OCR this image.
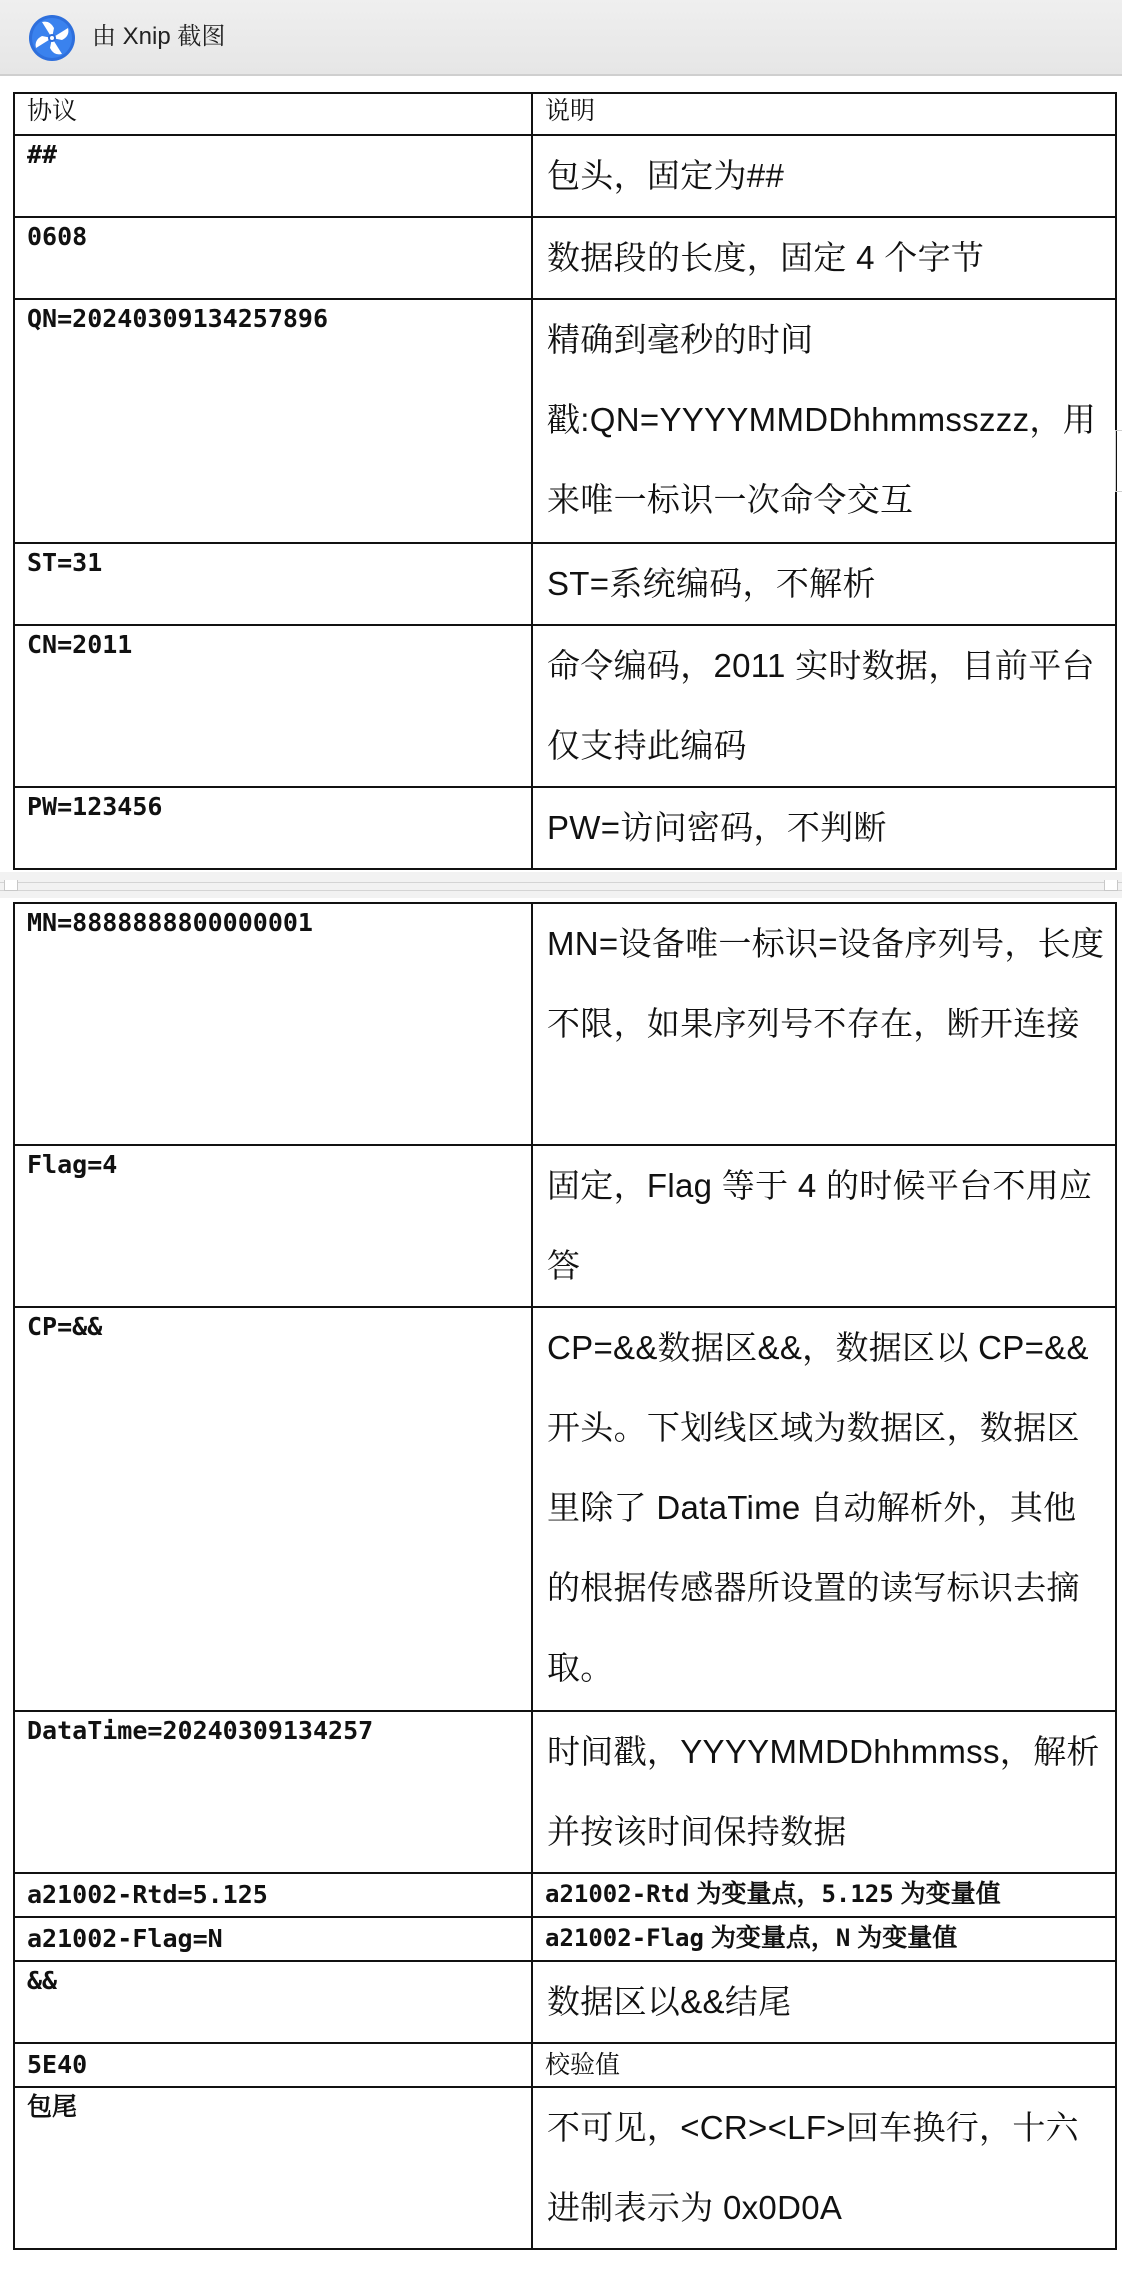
由 Xnip 截图
协议	说明

##	包头，固定为##

0608	数据段的长度，固定 4 个字节

QN=20240309134257896	精确到毫秒的时间戳:QN=YYYYMMDDhhmmsszzz，用来唯一标识一次命令交互

ST=31	ST=系统编码，不解析

CN=2011	命令编码，2011 实时数据，目前平台仅支持此编码

PW=123456	PW=访问密码，不判断
MN=8888888800000001	MN=设备唯一标识=设备序列号，长度不限，如果序列号不存在，断开连接

Flag=4	固定，Flag 等于 4 的时候平台不用应答

CP=&&	CP=&&数据区&&，数据区以 CP=&&开头。下划线区域为数据区，数据区里除了 DataTime 自动解析外，其他的根据传感器所设置的读写标识去摘取。

DataTime=20240309134257	时间戳，YYYYMMDDhhmmss，解析并按该时间保持数据

a21002-Rtd=5.125	a21002-Rtd 为变量点，5.125 为变量值

a21002-Flag=N	a21002-Flag 为变量点，N 为变量值

&&	数据区以&&结尾

5E40	校验值

包尾	不可见，<CR><LF>回车换行，十六进制表示为 0x0D0A
